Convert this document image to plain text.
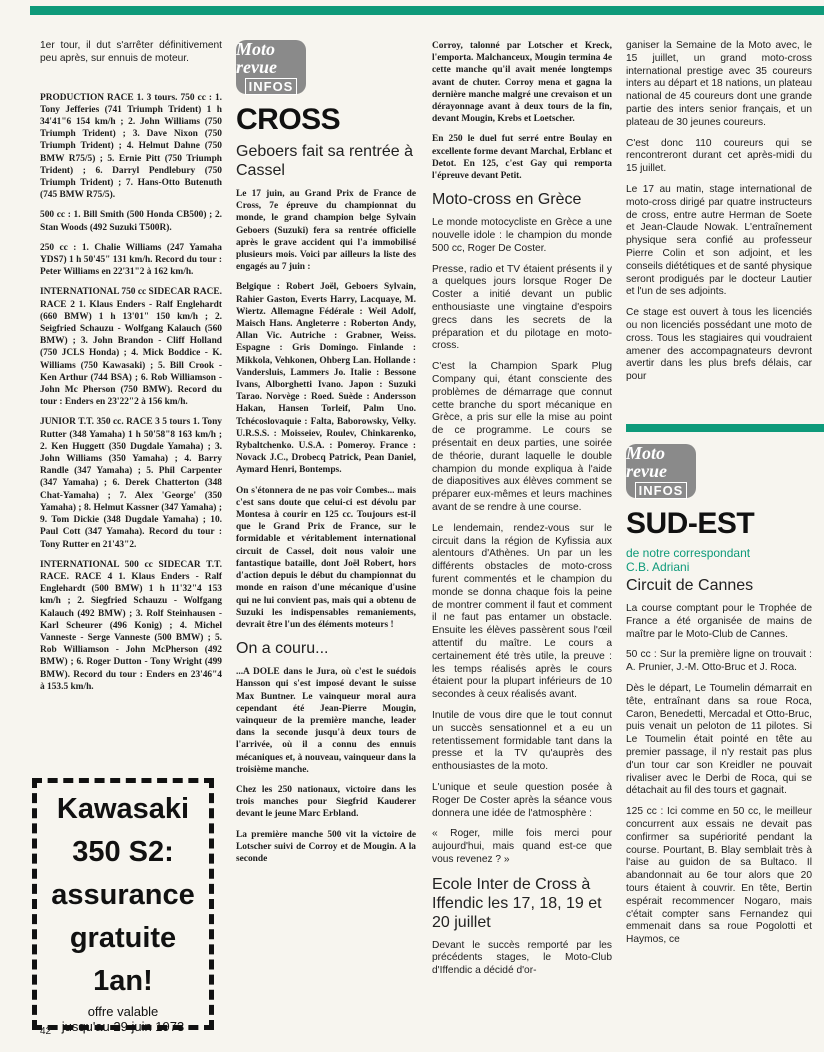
1er tour, il dut s'arrêter définitivement peu après, sur ennuis de moteur.

PRODUCTION RACE 1. 3 tours. 750 cc : 1. Tony Jefferies (741 Triumph Trident) 1 h 34'41"6 154 km/h ; 2. John Williams (750 Triumph Trident) ; 3. Dave Nixon (750 Triumph Trident) ; 4. Helmut Dahne (750 BMW R75/5) ; 5. Ernie Pitt (750 Triumph Trident) ; 6. Darryl Pendlebury (750 Triumph Trident) ; 7. Hans-Otto Butenuth (745 BMW R75/5).

500 cc : 1. Bill Smith (500 Honda CB500) ; 2. Stan Woods (492 Suzuki T500R).

250 cc : 1. Chalie Williams (247 Yamaha YDS7) 1 h 50'45" 131 km/h. Record du tour : Peter Williams en 22'31"2 à 162 km/h.

INTERNATIONAL 750 cc SIDECAR RACE. RACE 2 1. Klaus Enders - Ralf Englehardt (660 BMW) 1 h 13'01" 150 km/h ; 2. Seigfried Schauzu - Wolfgang Kalauch (560 BMW) ; 3. John Brandon - Cliff Holland (750 JCLS Honda) ; 4. Mick Boddice - K. Williams (750 Kawasaki) ; 5. Bill Crook - Ken Arthur (744 BSA) ; 6. Rob Williamson - John Mc Pherson (750 BMW). Record du tour : Enders en 23'22"2 à 156 km/h.

JUNIOR T.T. 350 cc. RACE 3 5 tours 1. Tony Rutter (348 Yamaha) 1 h 50'58"8 163 km/h ; 2. Ken Huggett (350 Dugdale Yamaha) ; 3. John Williams (350 Yamaha) ; 4. Barry Randle (347 Yamaha) ; 5. Phil Carpenter (347 Yamaha) ; 6. Derek Chatterton (348 Chat-Yamaha) ; 7. Alex 'George' (350 Yamaha) ; 8. Helmut Kassner (347 Yamaha) ; 9. Tom Dickie (348 Dugdale Yamaha) ; 10. Paul Cott (347 Yamaha). Record du tour : Tony Rutter en 21'43"2.

INTERNATIONAL 500 cc SIDECAR T.T. RACE. RACE 4 1. Klaus Enders - Ralf Englehardt (500 BMW) 1 h 11'32"4 153 km/h ; 2. Siegfried Schauzu - Wolfgang Kalauch (492 BMW) ; 3. Rolf Steinhausen - Karl Scheurer (496 Konig) ; 4. Michel Vanneste - Serge Vanneste (500 BMW) ; 5. Rob Williamson - John McPherson (492 BMW) ; 6. Roger Dutton - Tony Wright (499 BMW). Record du tour : Enders en 23'46"4 à 153.5 km/h.

Kawasaki
350 S2:
assurance
gratuite
1an!
offre valable
jusqu'au 29 juin 1973
Moto revue
INFOS
CROSS
Geboers fait sa rentrée à Cassel

Le 17 juin, au Grand Prix de France de Cross, 7e épreuve du championnat du monde, le grand champion belge Sylvain Geboers (Suzuki) fera sa rentrée officielle après le grave accident qui l'a immobilisé plusieurs mois. Voici par ailleurs la liste des engagés au 7 juin :

Belgique : Robert Joël, Geboers Sylvain, Rahier Gaston, Everts Harry, Lacquaye, M. Wiertz. Allemagne Fédérale : Weil Adolf, Maisch Hans. Angleterre : Roberton Andy, Allan Vic. Autriche : Grabner, Weiss. Espagne : Gris Domingo. Finlande : Mikkola, Vehkonen, Ohberg Lan. Hollande : Vandersluis, Lammers Jo. Italie : Bessone Ivans, Alborghetti Ivano. Japon : Suzuki Tarao. Norvège : Roed. Suède : Andersson Hakan, Hansen Torleif, Palm Uno. Tchécoslovaquie : Falta, Baborowsky, Velky. U.R.S.S. : Moisseiev, Roulev, Chinkarenko, Rybaltchenko. U.S.A. : Pomeroy. France : Novack J.C., Drobecq Patrick, Pean Daniel, Aymard Henri, Bontemps.

On s'étonnera de ne pas voir Combes... mais c'est sans doute que celui-ci est dévolu par Montesa à courir en 125 cc. Toujours est-il que le Grand Prix de France, sur le formidable et véritablement international circuit de Cassel, doit nous valoir une fantastique bataille, dont Joël Robert, hors d'action depuis le début du championnat du monde en raison d'une mécanique d'usine qui ne lui convient pas, mais qui a obtenu de Suzuki les indispensables remaniements, devrait être l'un des éléments moteurs !

On a couru...

...A DOLE dans le Jura, où c'est le suédois Hansson qui s'est imposé devant le suisse Max Buntner. Le vainqueur moral aura cependant été Jean-Pierre Mougin, vainqueur de la première manche, leader dans la seconde jusqu'à deux tours de l'arrivée, où il a connu des ennuis mécaniques et, à nouveau, vainqueur dans la troisième manche.

Chez les 250 nationaux, victoire dans les trois manches pour Siegfrid Kauderer devant le jeune Marc Erbland.

La première manche 500 vit la victoire de Lotscher suivi de Corroy et de Mougin. A la seconde

Corroy, talonné par Lotscher et Kreck, l'emporta. Malchanceux, Mougin termina 4e cette manche qu'il avait menée longtemps avant de chuter. Corroy mena et gagna la dernière manche malgré une crevaison et un dérayonnage avant à deux tours de la fin, devant Mougin, Krebs et Loetscher.

En 250 le duel fut serré entre Boulay en excellente forme devant Marchal, Erblanc et Detot. En 125, c'est Gay qui remporta l'épreuve devant Petit.

Moto-cross en Grèce

Le monde motocycliste en Grèce a une nouvelle idole : le champion du monde 500 cc, Roger De Coster.

Presse, radio et TV étaient présents il y a quelques jours lorsque Roger De Coster a initié devant un public enthousiaste une vingtaine d'espoirs grecs dans les secrets de la préparation et du pilotage en moto-cross.

C'est la Champion Spark Plug Company qui, étant consciente des problèmes de démarrage que connut cette branche du sport mécanique en Grèce, a pris sur elle la mise au point de ce programme. Le cours se présentait en deux parties, une soirée de théorie, durant laquelle le double champion du monde expliqua à l'aide de diapositives aux élèves comment se préparer eux-mêmes et leurs machines avant de se rendre à une course.

Le lendemain, rendez-vous sur le circuit dans la région de Kyfissia aux alentours d'Athènes. Un par un les différents obstacles de moto-cross furent commentés et le champion du monde se donna chaque fois la peine de montrer comment il faut et comment il ne faut pas entamer un obstacle. Ensuite les élèves passèrent sous l'œil attentif du maître. Le cours a certainement été très utile, la preuve : les temps réalisés après le cours étaient pour la plupart inférieurs de 10 secondes à ceux réalisés avant.

Inutile de vous dire que le tout connut un succès sensationnel et a eu un retentissement formidable tant dans la presse et la TV qu'auprès des enthousiastes de la moto.

L'unique et seule question posée à Roger De Coster après la séance vous donnera une idée de l'atmosphère :

« Roger, mille fois merci pour aujourd'hui, mais quand est-ce que vous revenez ? »

Ecole Inter de Cross à Iffendic les 17, 18, 19 et 20 juillet

Devant le succès remporté par les précédents stages, le Moto-Club d'Iffendic a décidé d'or-

ganiser la Semaine de la Moto avec, le 15 juillet, un grand moto-cross international prestige avec 35 coureurs inters au départ et 18 nations, un plateau national de 45 coureurs dont une grande partie des inters senior français, et un plateau de 30 jeunes coureurs.

C'est donc 110 coureurs qui se rencontreront durant cet après-midi du 15 juillet.

Le 17 au matin, stage international de moto-cross dirigé par quatre instructeurs de cross, entre autre Herman de Soete et Jean-Claude Nowak. L'entraînement physique sera confié au professeur Pierre Colin et son adjoint, et les conseils diététiques et de santé physique seront prodigués par le docteur Lautier et l'un de ses adjoints.

Ce stage est ouvert à tous les licenciés ou non licenciés possédant une moto de cross. Tous les stagiaires qui voudraient amener des accompagnateurs devront avertir dans les plus brefs délais, car pour

Moto revue
INFOS
SUD-EST
de notre correspondant
C.B. Adriani
Circuit de Cannes

La course comptant pour le Trophée de France a été organisée de mains de maître par le Moto-Club de Cannes.

50 cc : Sur la première ligne on trouvait : A. Prunier, J.-M. Otto-Bruc et J. Roca.

Dès le départ, Le Toumelin démarrait en tête, entraînant dans sa roue Roca, Caron, Benedetti, Mercadal et Otto-Bruc, puis venait un peloton de 11 pilotes. Si Le Toumelin était pointé en tête au premier passage, il n'y restait pas plus d'un tour car son Kreidler ne pouvait rivaliser avec le Derbi de Roca, qui se détachait au fil des tours et gagnait.

125 cc : Ici comme en 50 cc, le meilleur concurrent aux essais ne devait pas confirmer sa supériorité pendant la course. Pourtant, B. Blay semblait très à l'aise au guidon de sa Bultaco. Il abandonnait au 6e tour alors que 20 tours étaient à couvrir. En tête, Bertin espérait recommencer Nogaro, mais c'était compter sans Fernandez qui emmenait dans sa roue Pogolotti et Haymos, ce

42
